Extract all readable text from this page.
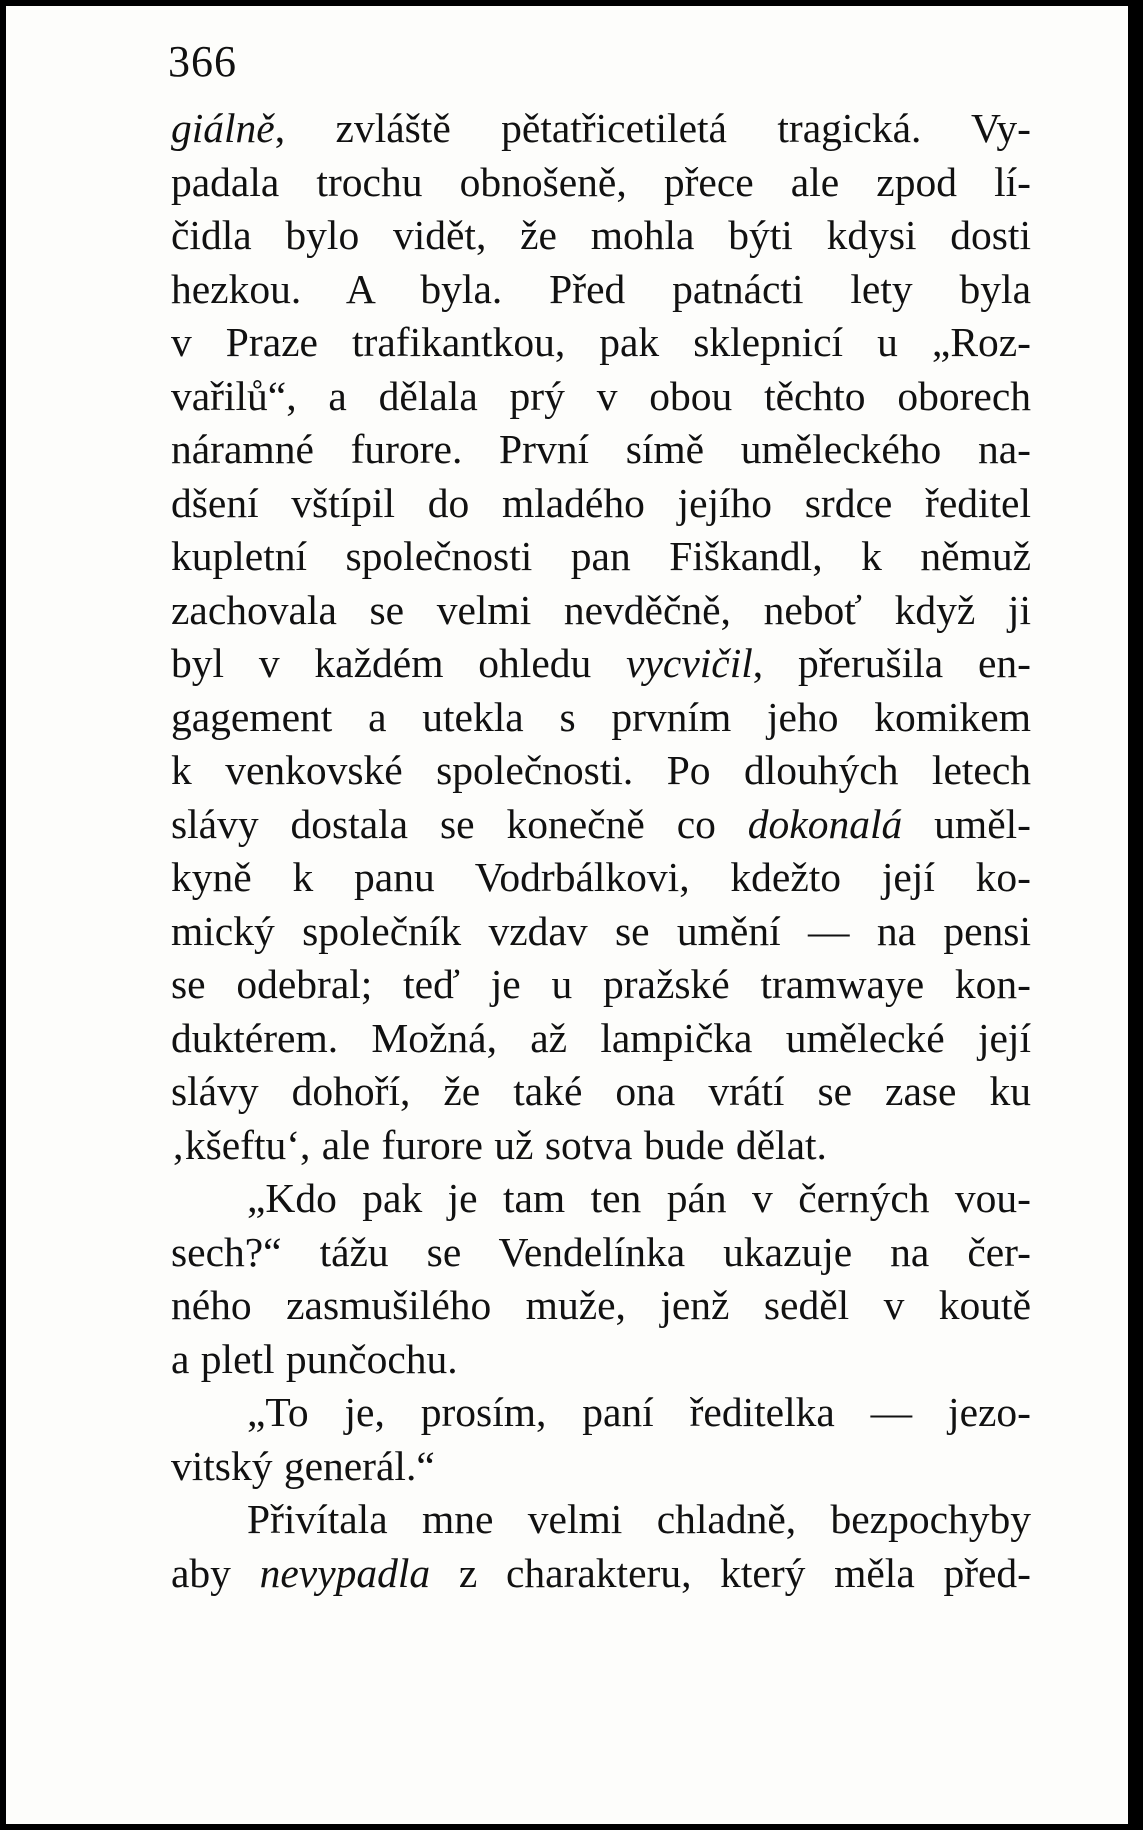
366
giálně, zvláště pětatřicetiletá tragická. Vy-
padala trochu obnošeně, přece ale zpod lí-
čidla bylo vidět, že mohla býti kdysi dosti
hezkou. A byla. Před patnácti lety byla
v Praze trafikantkou, pak sklepnicí u „Roz-
vařilů“, a dělala prý v obou těchto oborech
náramné furore. První símě uměleckého na-
dšení vštípil do mladého jejího srdce ředitel
kupletní společnosti pan Fiškandl, k němuž
zachovala se velmi nevděčně, neboť když ji
byl v každém ohledu vycvičil, přerušila en-
gagement a utekla s prvním jeho komikem
k venkovské společnosti. Po dlouhých letech
slávy dostala se konečně co dokonalá uměl-
kyně k panu Vodrbálkovi, kdežto její ko-
mický společník vzdav se umění — na pensi
se odebral; teď je u pražské tramwaye kon-
duktérem. Možná, až lampička umělecké její
slávy dohoří, že také ona vrátí se zase ku
‚kšeftu‘, ale furore už sotva bude dělat.
„Kdo pak je tam ten pán v černých vou-
sech?“ tážu se Vendelínka ukazuje na čer-
ného zasmušilého muže, jenž seděl v koutě
a pletl punčochu.
„To je, prosím, paní ředitelka — jezo-
vitský generál.“
Přivítala mne velmi chladně, bezpochyby
aby nevypadla z charakteru, který měla před-
